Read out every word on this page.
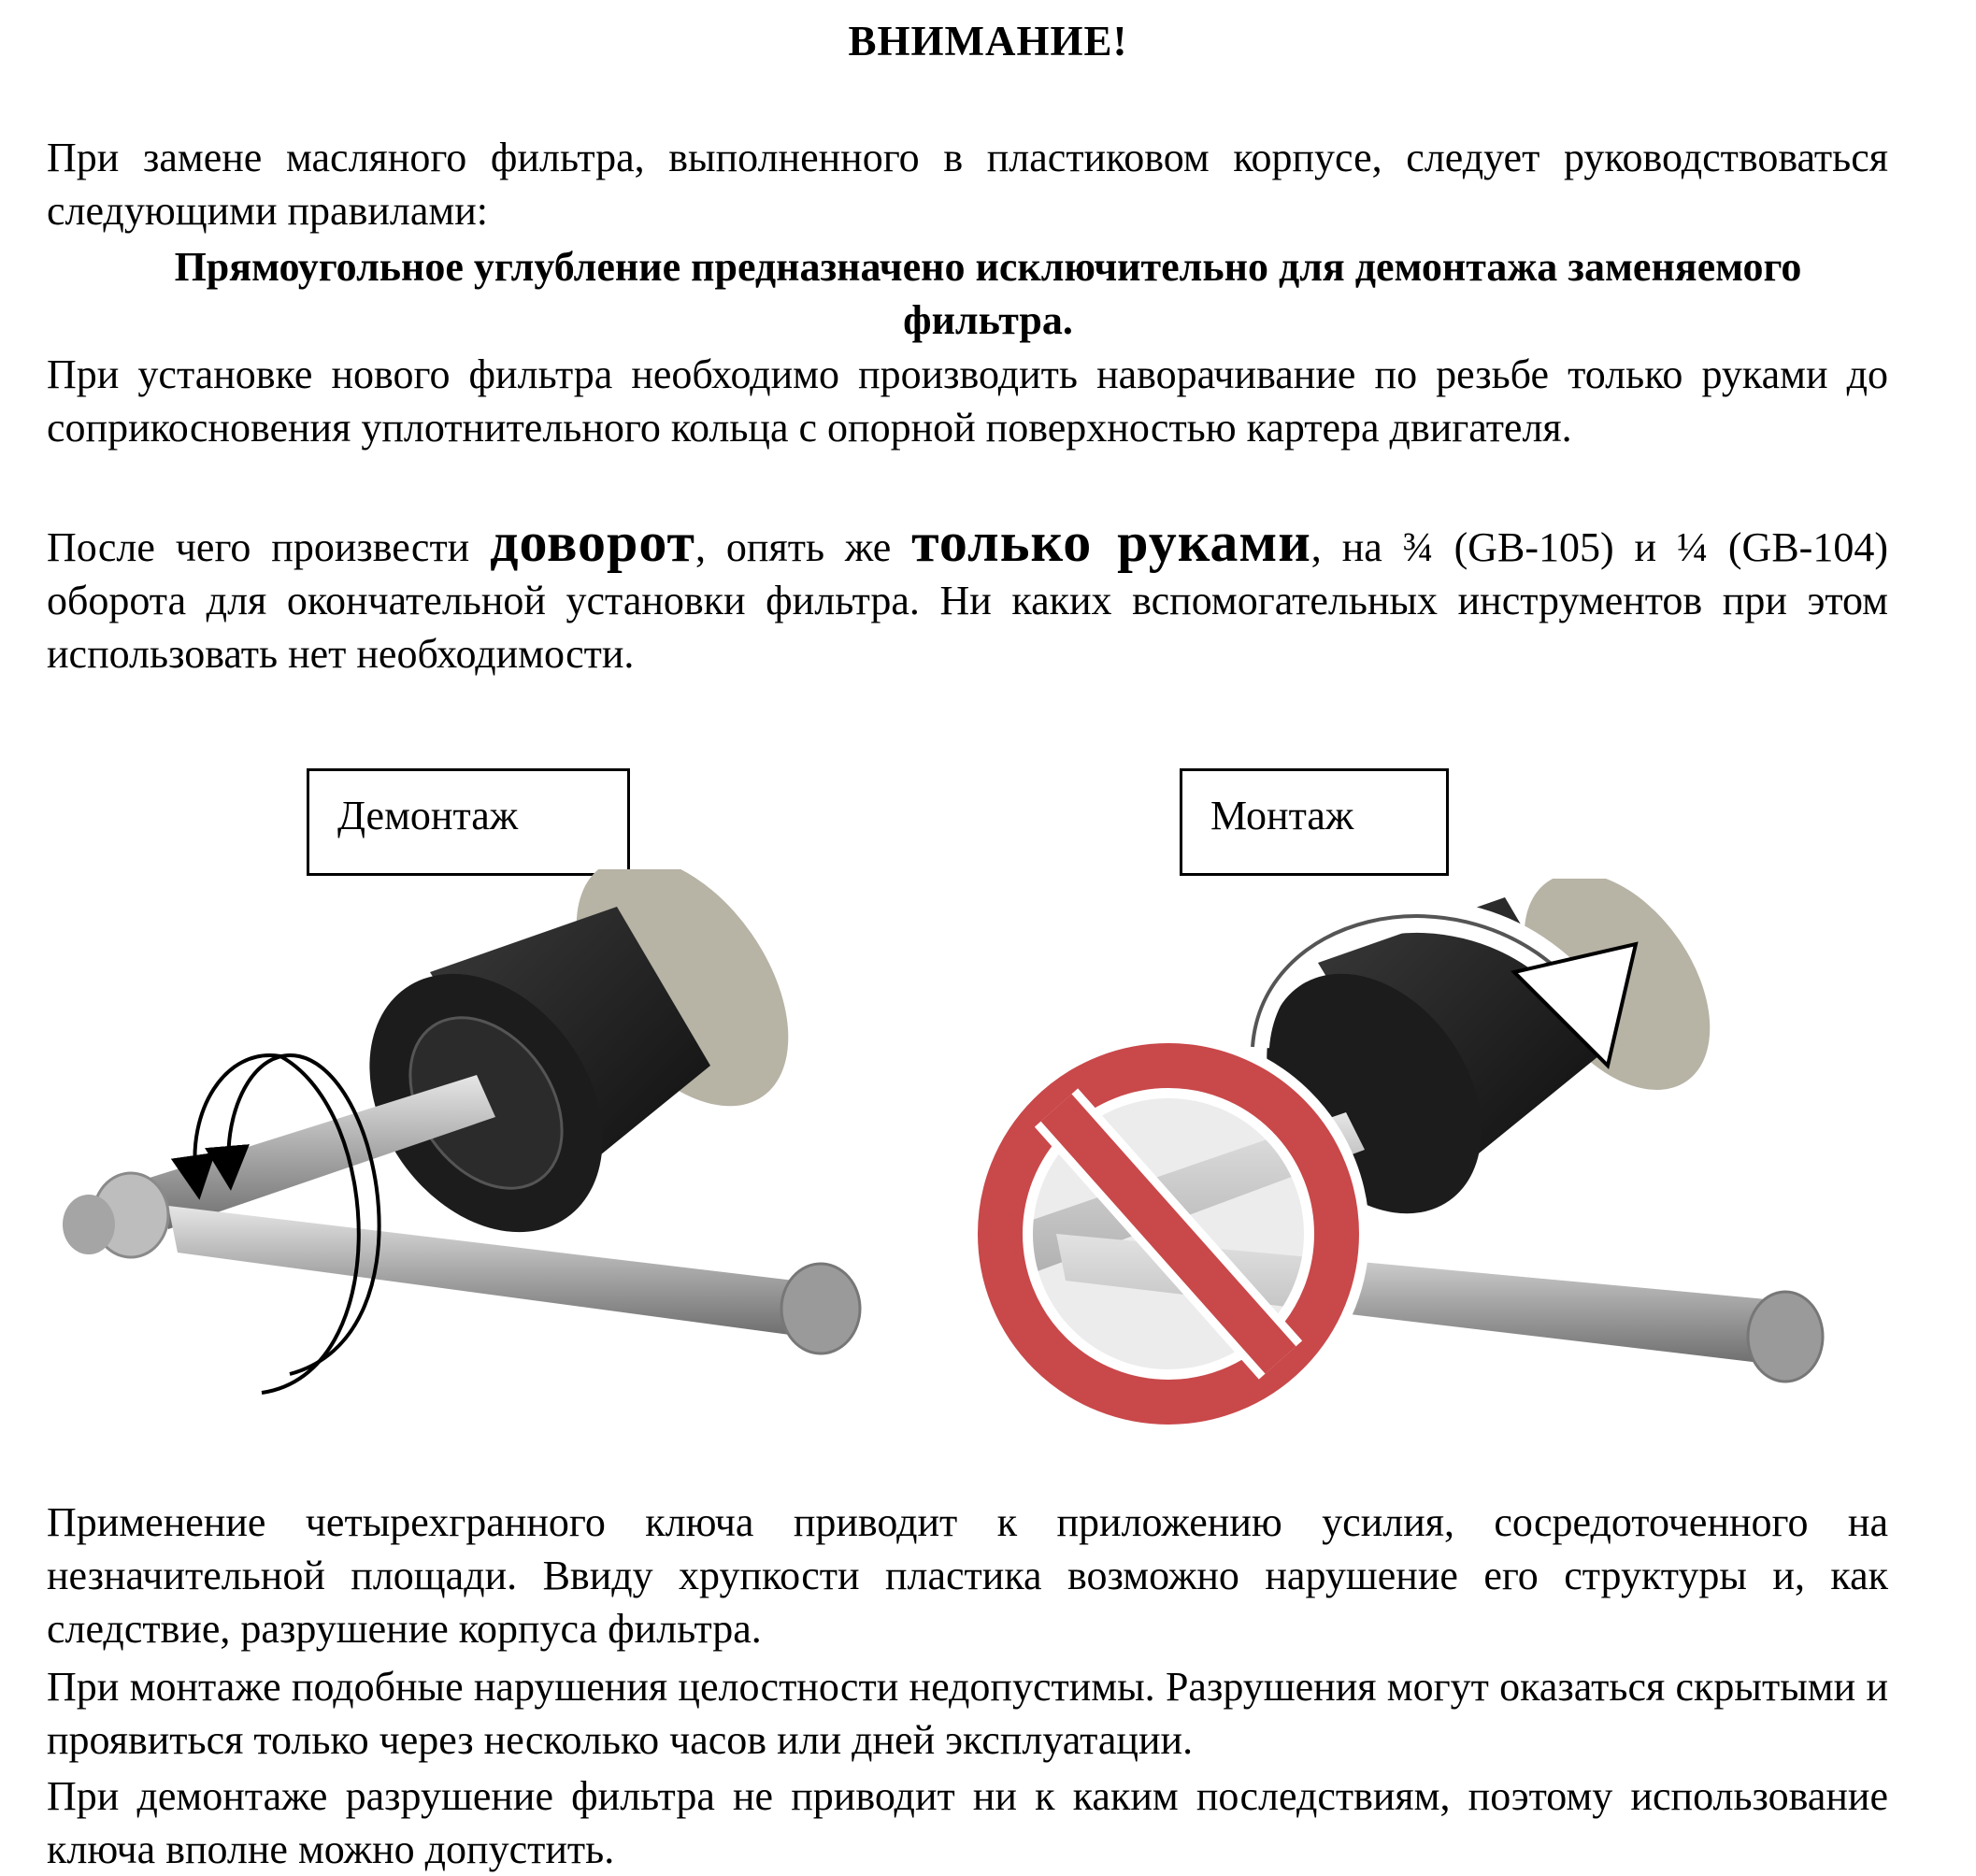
ВНИМАНИЕ!

При замене масляного фильтра, выполненного в пластиковом корпусе, следует руководствоваться следующими правилами:

Прямоугольное углубление предназначено исключительно для демонтажа заменяемого фильтра.

При установке нового фильтра необходимо производить наворачивание по резьбе только руками до соприкосновения уплотнительного кольца с опорной поверхностью картера двигателя.

После чего произвести доворот, опять же только руками, на ¾ (GB-105) и ¼ (GB-104) оборота для окончательной установки фильтра. Ни каких вспомогательных инструментов при этом использовать нет необходимости.

Демонтаж	Монтаж

Применение четырехгранного ключа приводит к приложению усилия, сосредоточенного на незначительной площади. Ввиду хрупкости пластика возможно нарушение его структуры и, как следствие, разрушение корпуса фильтра.

При монтаже подобные нарушения целостности недопустимы. Разрушения могут оказаться скрытыми и проявиться только через несколько часов или дней эксплуатации.

При демонтаже разрушение фильтра не приводит ни к каким последствиям, поэтому использование ключа вполне можно допустить.
